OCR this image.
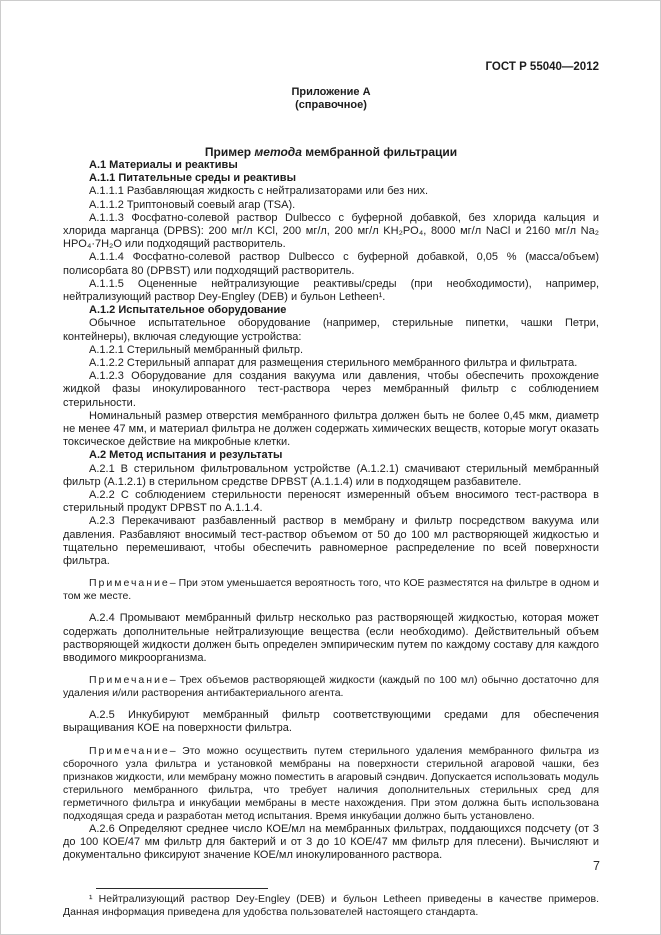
ГОСТ Р 55040—2012

Приложение А

(справочное)

Пример метода мембранной фильтрации

А.1 Материалы и реактивы

А.1.1 Питательные среды и реактивы

А.1.1.1 Разбавляющая жидкость с нейтрализаторами или без них.

А.1.1.2 Триптоновый соевый агар (TSA).

А.1.1.3 Фосфатно-солевой раствор Dulbecco с буферной добавкой, без хлорида кальция и хлорида марганца (DPBS): 200 мг/л KCl, 200 мг/л, 200 мг/л KH₂PO₄, 8000 мг/л NaCl и 2160 мг/л Na₂ HPO₄·7H₂O или подходящий растворитель.

А.1.1.4 Фосфатно-солевой раствор Dulbecco с буферной добавкой, 0,05 % (масса/объем) полисорбата 80 (DPBST) или подходящий растворитель.

А.1.1.5 Оцененные нейтрализующие реактивы/среды (при необходимости), например, нейтрализующий раствор Dey-Engley (DEB) и бульон Letheen¹.

А.1.2 Испытательное оборудование

Обычное испытательное оборудование (например, стерильные пипетки, чашки Петри, контейнеры), включая следующие устройства:

А.1.2.1 Стерильный мембранный фильтр.

А.1.2.2 Стерильный аппарат для размещения стерильного мембранного фильтра и фильтрата.

А.1.2.3 Оборудование для создания вакуума или давления, чтобы обеспечить прохождение жидкой фазы инокулированного тест-раствора через мембранный фильтр с соблюдением стерильности.

Номинальный размер отверстия мембранного фильтра должен быть не более 0,45 мкм, диаметр не менее 47 мм, и материал фильтра не должен содержать химических веществ, которые могут оказать токсическое действие на микробные клетки.

А.2 Метод испытания и результаты

А.2.1 В стерильном фильтровальном устройстве (А.1.2.1) смачивают стерильный мембранный фильтр (А.1.2.1) в стерильном средстве DPBST (А.1.1.4) или в подходящем разбавителе.

А.2.2 С соблюдением стерильности переносят измеренный объем вносимого тест-раствора в стерильный продукт DPBST по А.1.1.4.

А.2.3 Перекачивают разбавленный раствор в мембрану и фильтр посредством вакуума или давления. Разбавляют вносимый тест-раствор объемом от 50 до 100 мл растворяющей жидкостью и тщательно перемешивают, чтобы обеспечить равномерное распределение по всей поверхности фильтра.

Примечание– При этом уменьшается вероятность того, что КОЕ разместятся на фильтре в одном и том же месте.

А.2.4 Промывают мембранный фильтр несколько раз растворяющей жидкостью, которая может содержать дополнительные нейтрализующие вещества (если необходимо). Действительный объем растворяющей жидкости должен быть определен эмпирическим путем по каждому составу для каждого вводимого микроорганизма.

Примечание– Трех объемов растворяющей жидкости (каждый по 100 мл) обычно достаточно для удаления и/или растворения антибактериального агента.

А.2.5 Инкубируют мембранный фильтр соответствующими средами для обеспечения выращивания КОЕ на поверхности фильтра.

Примечание– Это можно осуществить путем стерильного удаления мембранного фильтра из сборочного узла фильтра и установкой мембраны на поверхности стерильной агаровой чашки, без признаков жидкости, или мембрану можно поместить в агаровый сэндвич. Допускается использовать модуль стерильного мембранного фильтра, что требует наличия дополнительных стерильных сред для герметичного фильтра и инкубации мембраны в месте нахождения. При этом должна быть использована подходящая среда и разработан метод испытания. Время инкубации должно быть установлено.

А.2.6 Определяют среднее число КОЕ/мл на мембранных фильтрах, поддающихся подсчету (от 3 до 100 КОЕ/47 мм фильтр для бактерий и от 3 до 10 КОЕ/47 мм фильтр для плесени). Вычисляют и документально фиксируют значение КОЕ/мл инокулированного раствора.

¹ Нейтрализующий раствор Dey-Engley (DEB) и бульон Letheen приведены в качестве примеров. Данная информация приведена для удобства пользователей настоящего стандарта.

7
